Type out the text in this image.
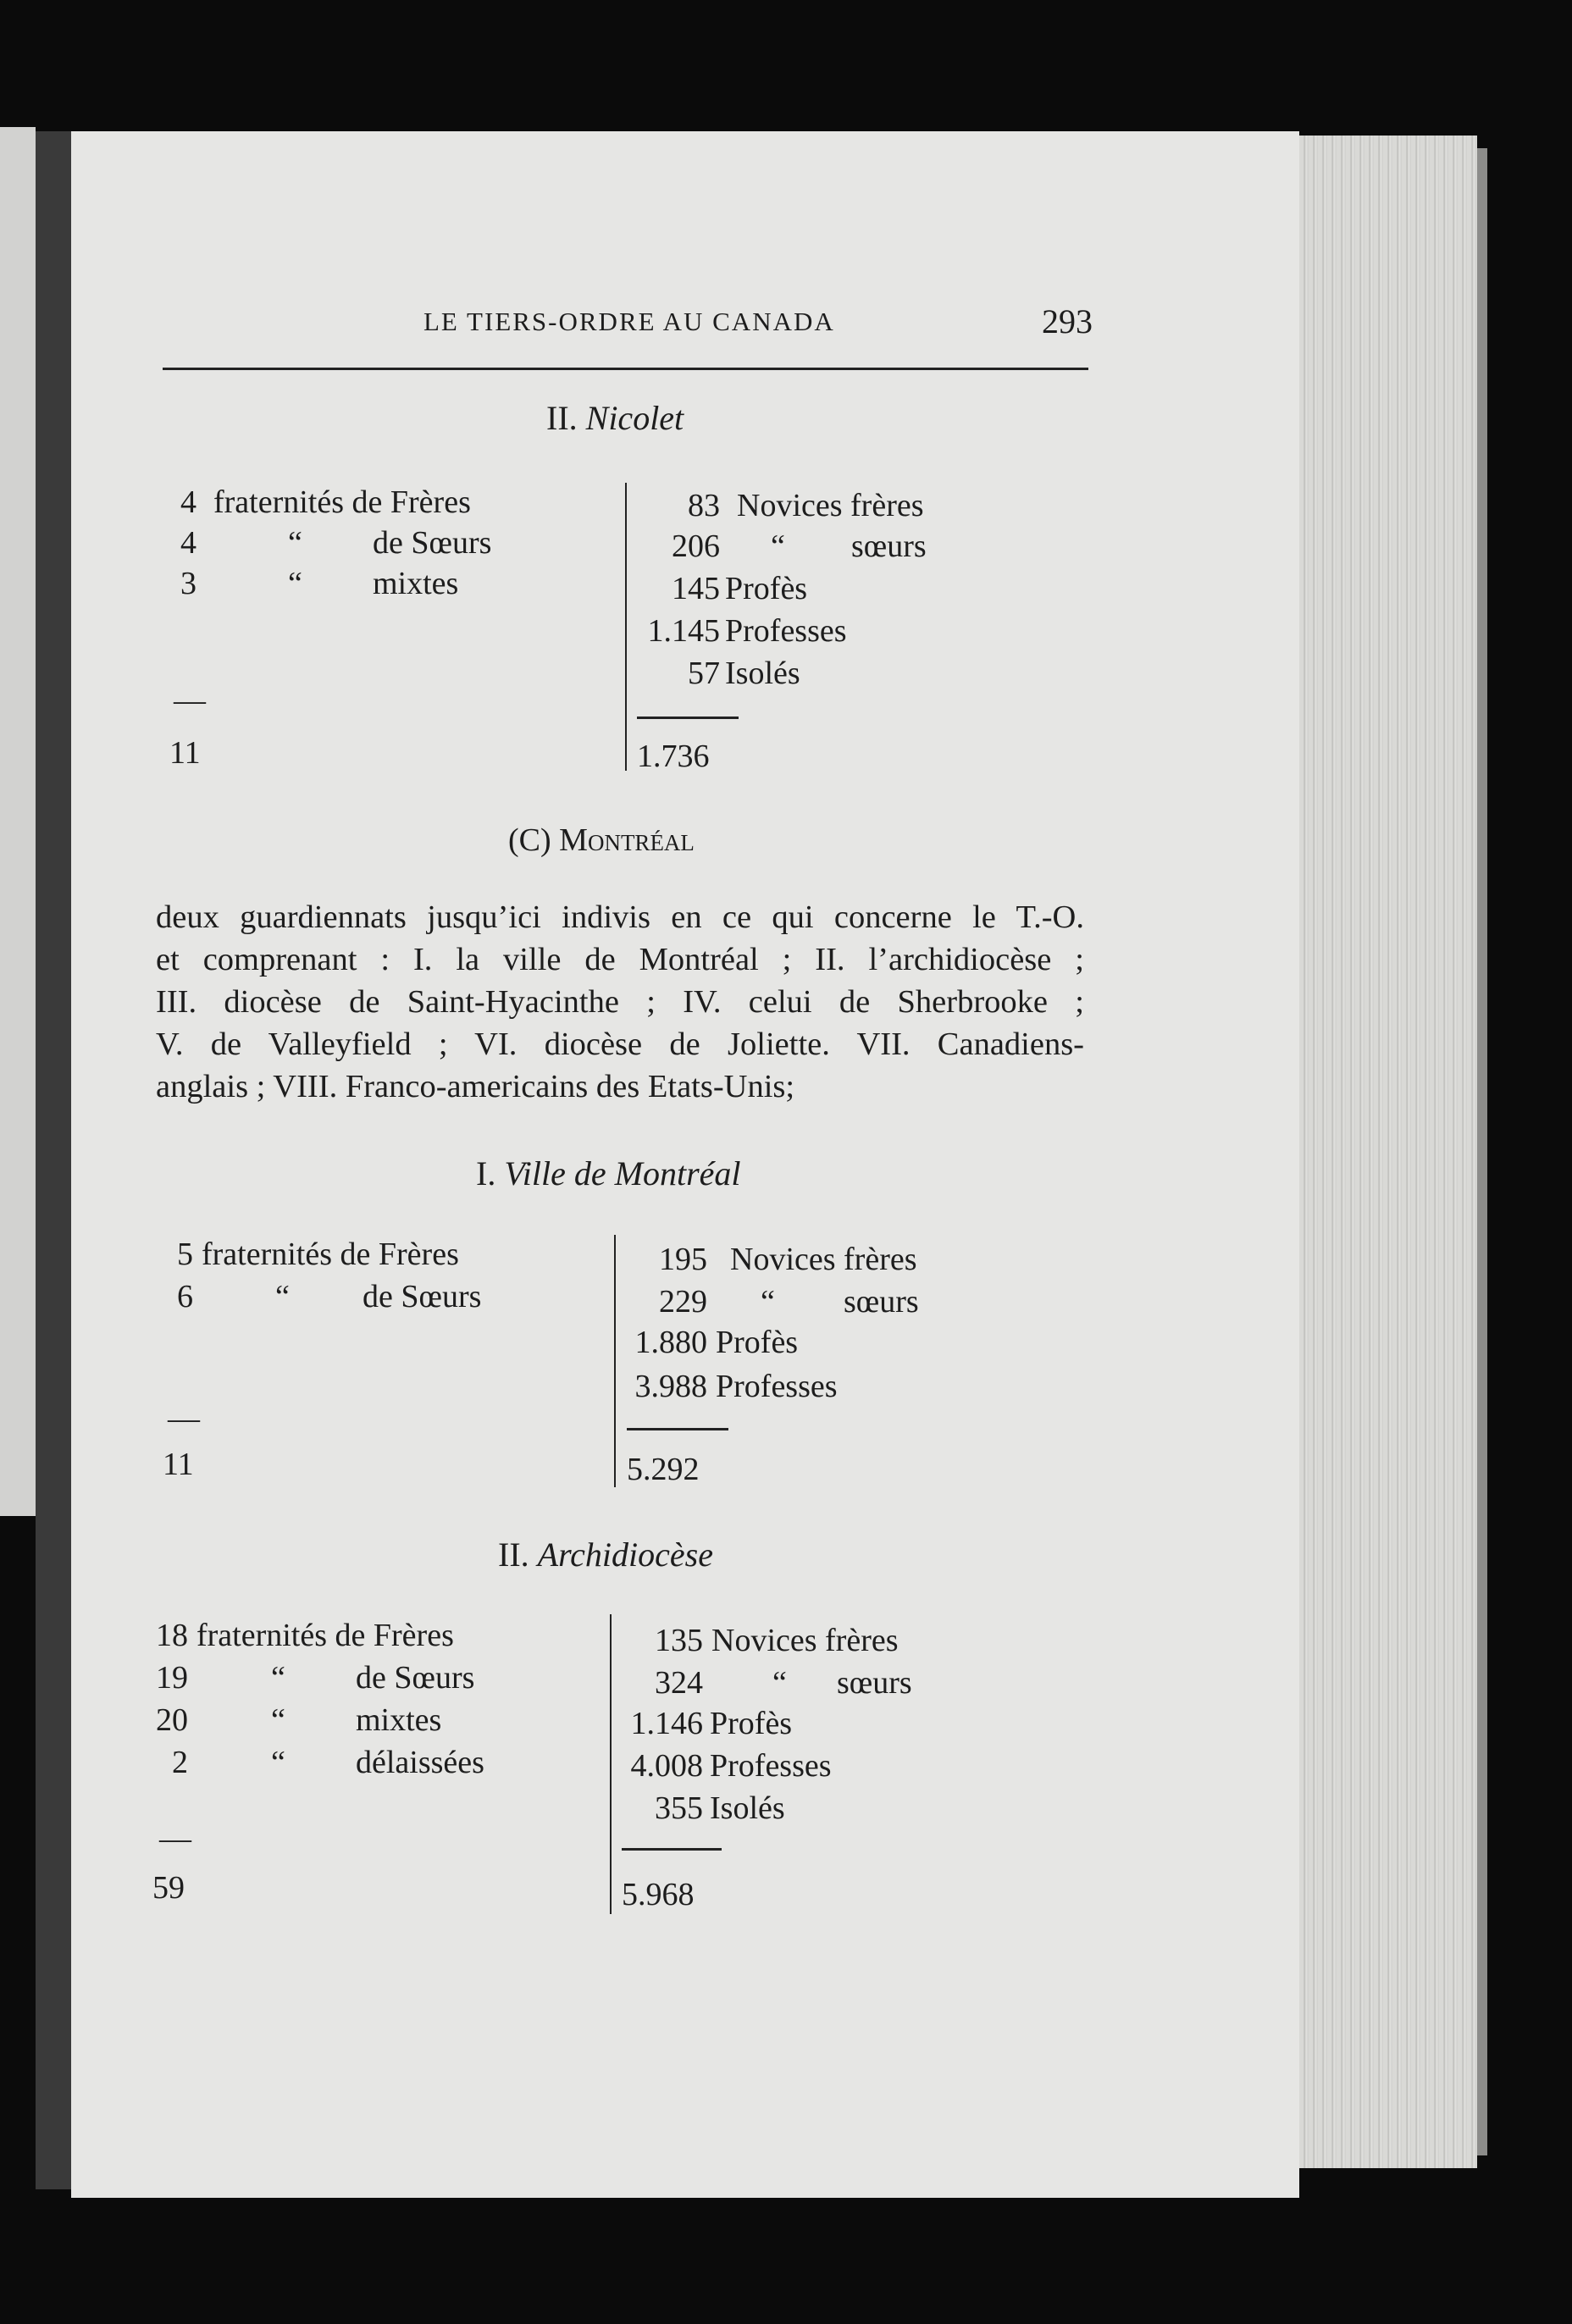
LE TIERS-ORDRE AU CANADA	293
II. Nicolet
4 fraternités de Frères
4	“ de Sœurs
3	“ mixtes
—
11
83 Novices frères
206 “ sœurs
145 Profès
1.145 Professes
57 Isolés
1.736
(C) Montréal
deux guardiennats jusqu’ici indivis en ce qui concerne le T.-O.
et comprenant : I. la ville de Montréal ; II. l’archidiocèse ;
III. diocèse de Saint-Hyacinthe ; IV. celui de Sherbrooke ;
V. de Valleyfield ; VI. diocèse de Joliette. VII. Canadiens-
anglais ; VIII. Franco-americains des Etats-Unis;
I. Ville de Montréal
5 fraternités de Frères
6	“ de Sœurs
—
11
195 Novices frères
229 “ sœurs
1.880 Profès
3.988 Professes
5.292
II. Archidiocèse
18 fraternités de Frères
19	“ de Sœurs
20	“ mixtes
2	“ délaissées
—
59
135 Novices frères
324 “ sœurs
1.146 Profès
4.008 Professes
355 Isolés
5.968
